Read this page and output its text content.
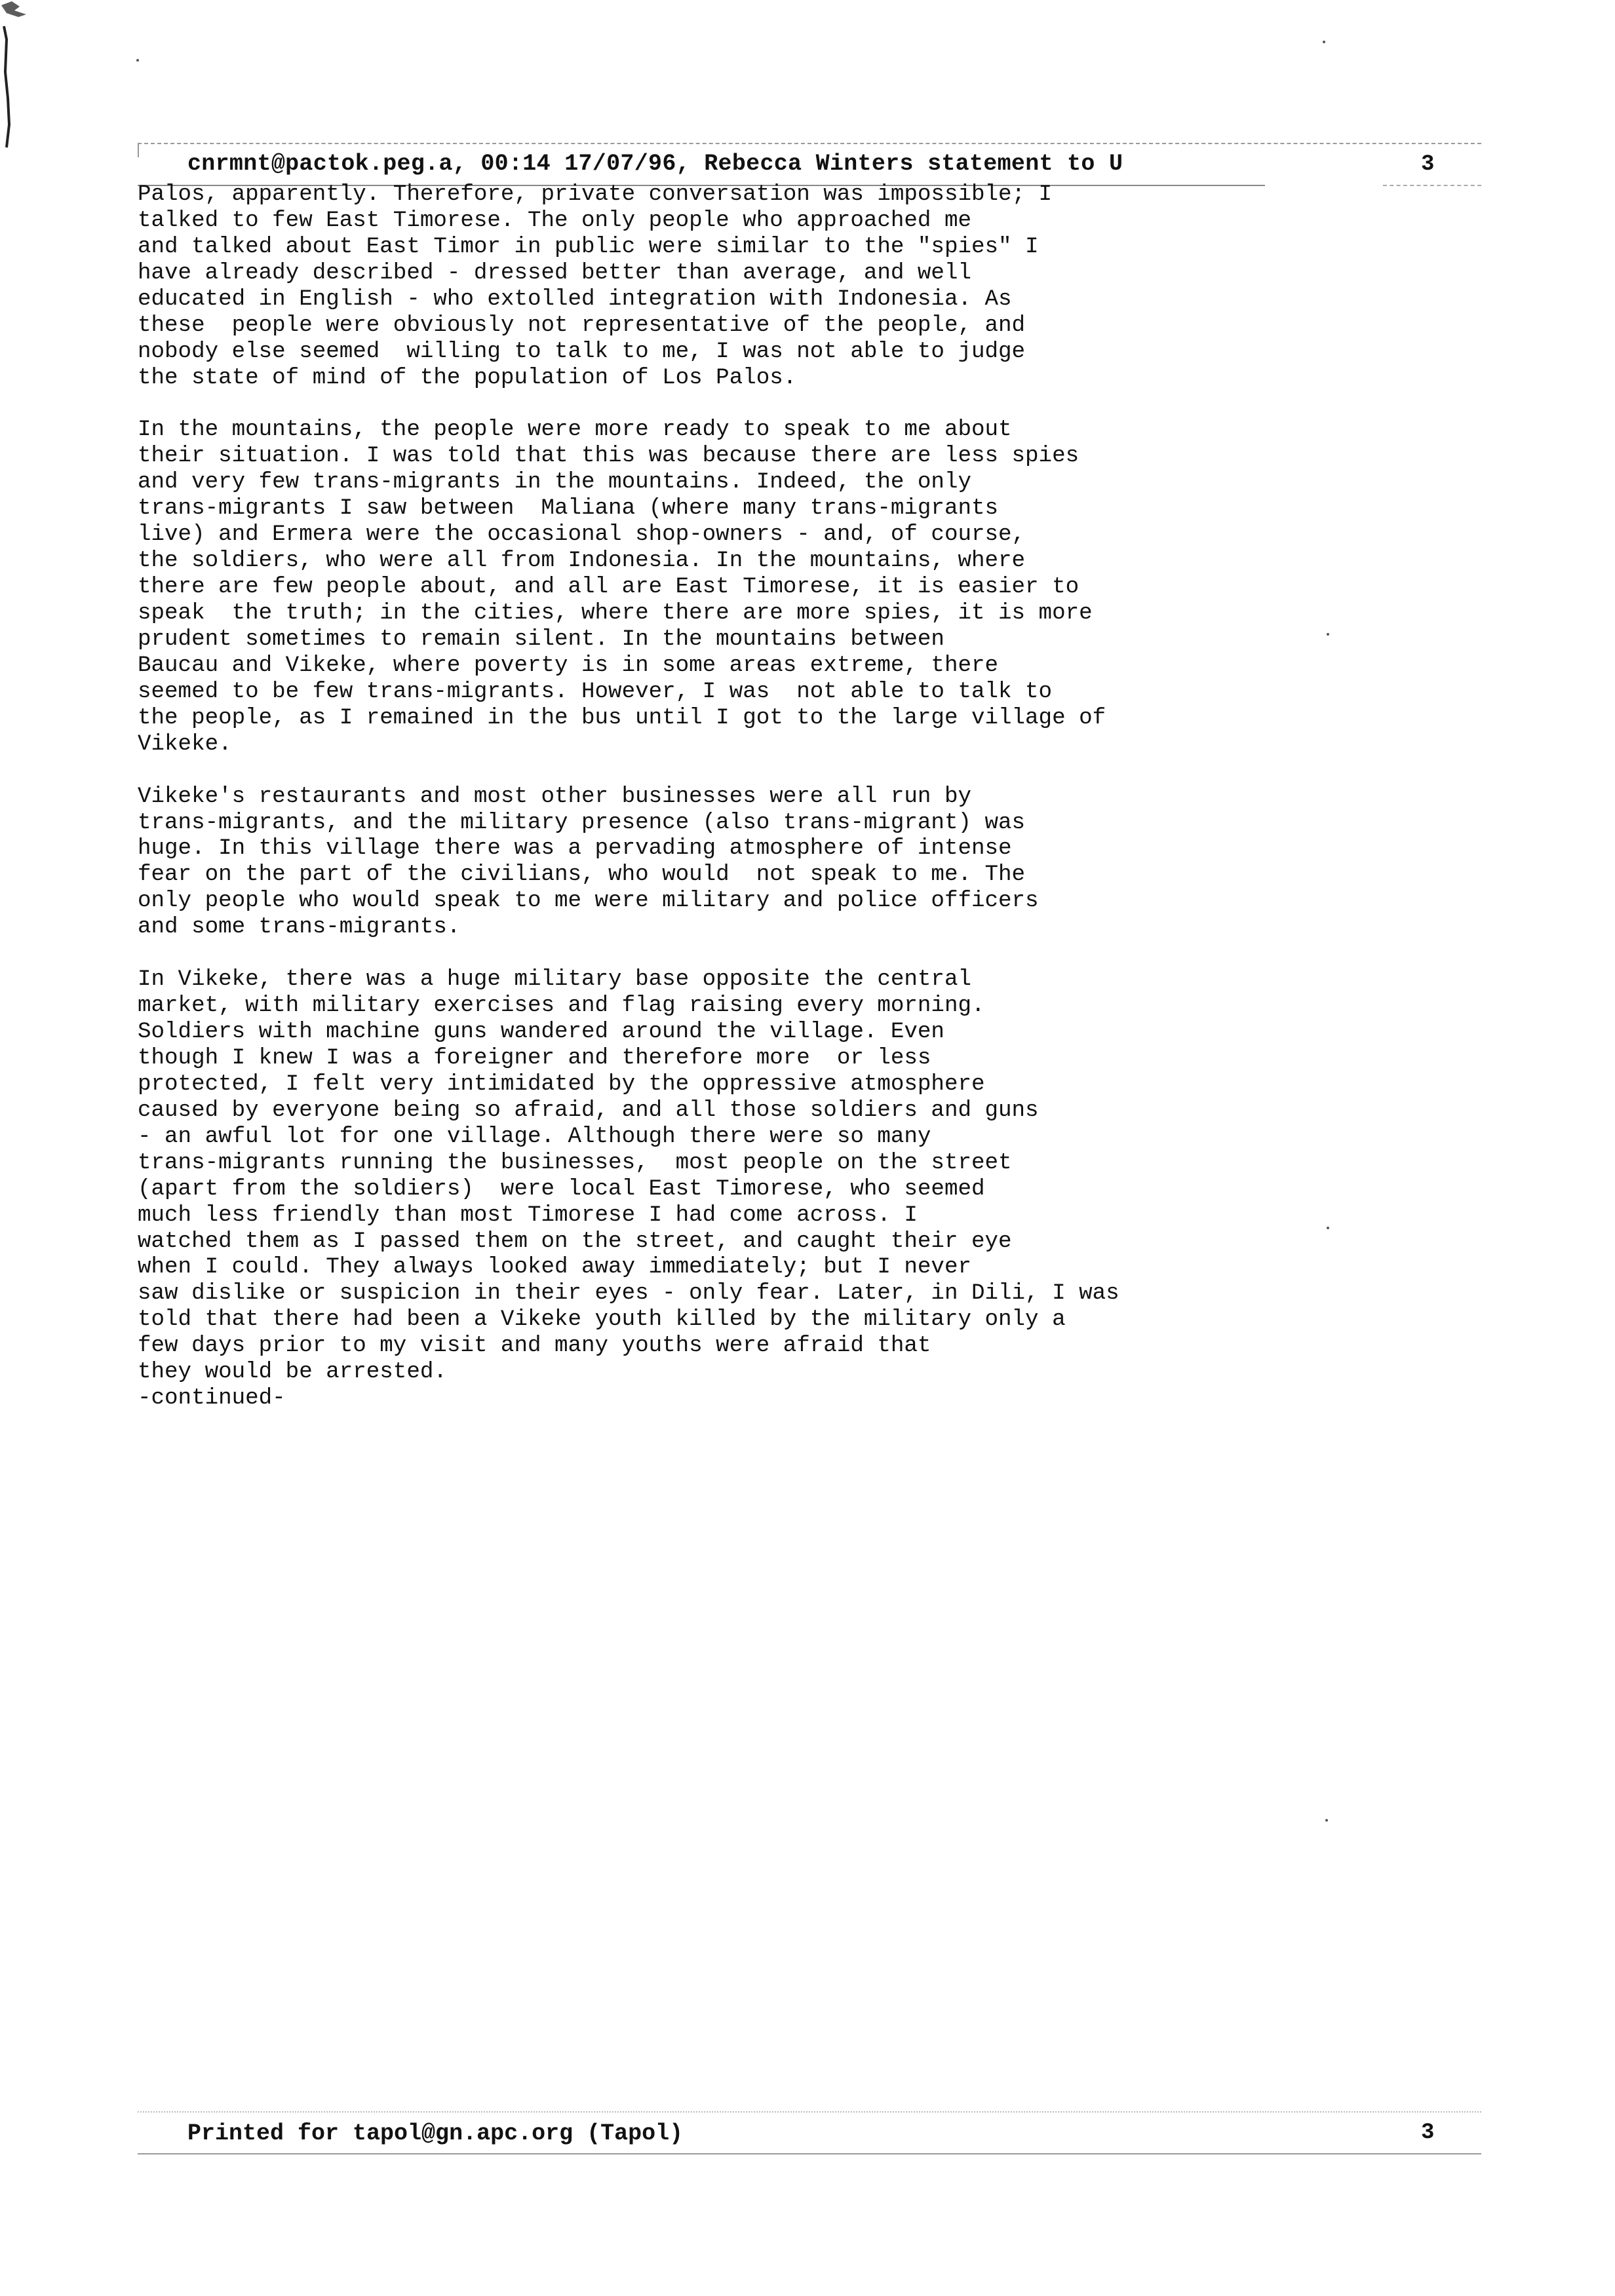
cnrmnt@pactok.peg.a, 00:14 17/07/96, Rebecca Winters statement to U	3
Palos, apparently. Therefore, private conversation was impossible; I
talked to few East Timorese. The only people who approached me
and talked about East Timor in public were similar to the "spies" I
have already described - dressed better than average, and well
educated in English - who extolled integration with Indonesia. As
these  people were obviously not representative of the people, and
nobody else seemed  willing to talk to me, I was not able to judge
the state of mind of the population of Los Palos.
In the mountains, the people were more ready to speak to me about
their situation. I was told that this was because there are less spies
and very few trans-migrants in the mountains. Indeed, the only
trans-migrants I saw between  Maliana (where many trans-migrants
live) and Ermera were the occasional shop-owners - and, of course,
the soldiers, who were all from Indonesia. In the mountains, where
there are few people about, and all are East Timorese, it is easier to
speak  the truth; in the cities, where there are more spies, it is more
prudent sometimes to remain silent. In the mountains between
Baucau and Vikeke, where poverty is in some areas extreme, there
seemed to be few trans-migrants. However, I was  not able to talk to
the people, as I remained in the bus until I got to the large village of
Vikeke.
Vikeke's restaurants and most other businesses were all run by
trans-migrants, and the military presence (also trans-migrant) was
huge. In this village there was a pervading atmosphere of intense
fear on the part of the civilians, who would  not speak to me. The
only people who would speak to me were military and police officers
and some trans-migrants.
In Vikeke, there was a huge military base opposite the central
market, with military exercises and flag raising every morning.
Soldiers with machine guns wandered around the village. Even
though I knew I was a foreigner and therefore more  or less
protected, I felt very intimidated by the oppressive atmosphere
caused by everyone being so afraid, and all those soldiers and guns
- an awful lot for one village. Although there were so many
trans-migrants running the businesses,  most people on the street
(apart from the soldiers)  were local East Timorese, who seemed
much less friendly than most Timorese I had come across. I
watched them as I passed them on the street, and caught their eye
when I could. They always looked away immediately; but I never
saw dislike or suspicion in their eyes - only fear. Later, in Dili, I was
told that there had been a Vikeke youth killed by the military only a
few days prior to my visit and many youths were afraid that
they would be arrested.
-continued-
Printed for tapol@gn.apc.org (Tapol)	3
